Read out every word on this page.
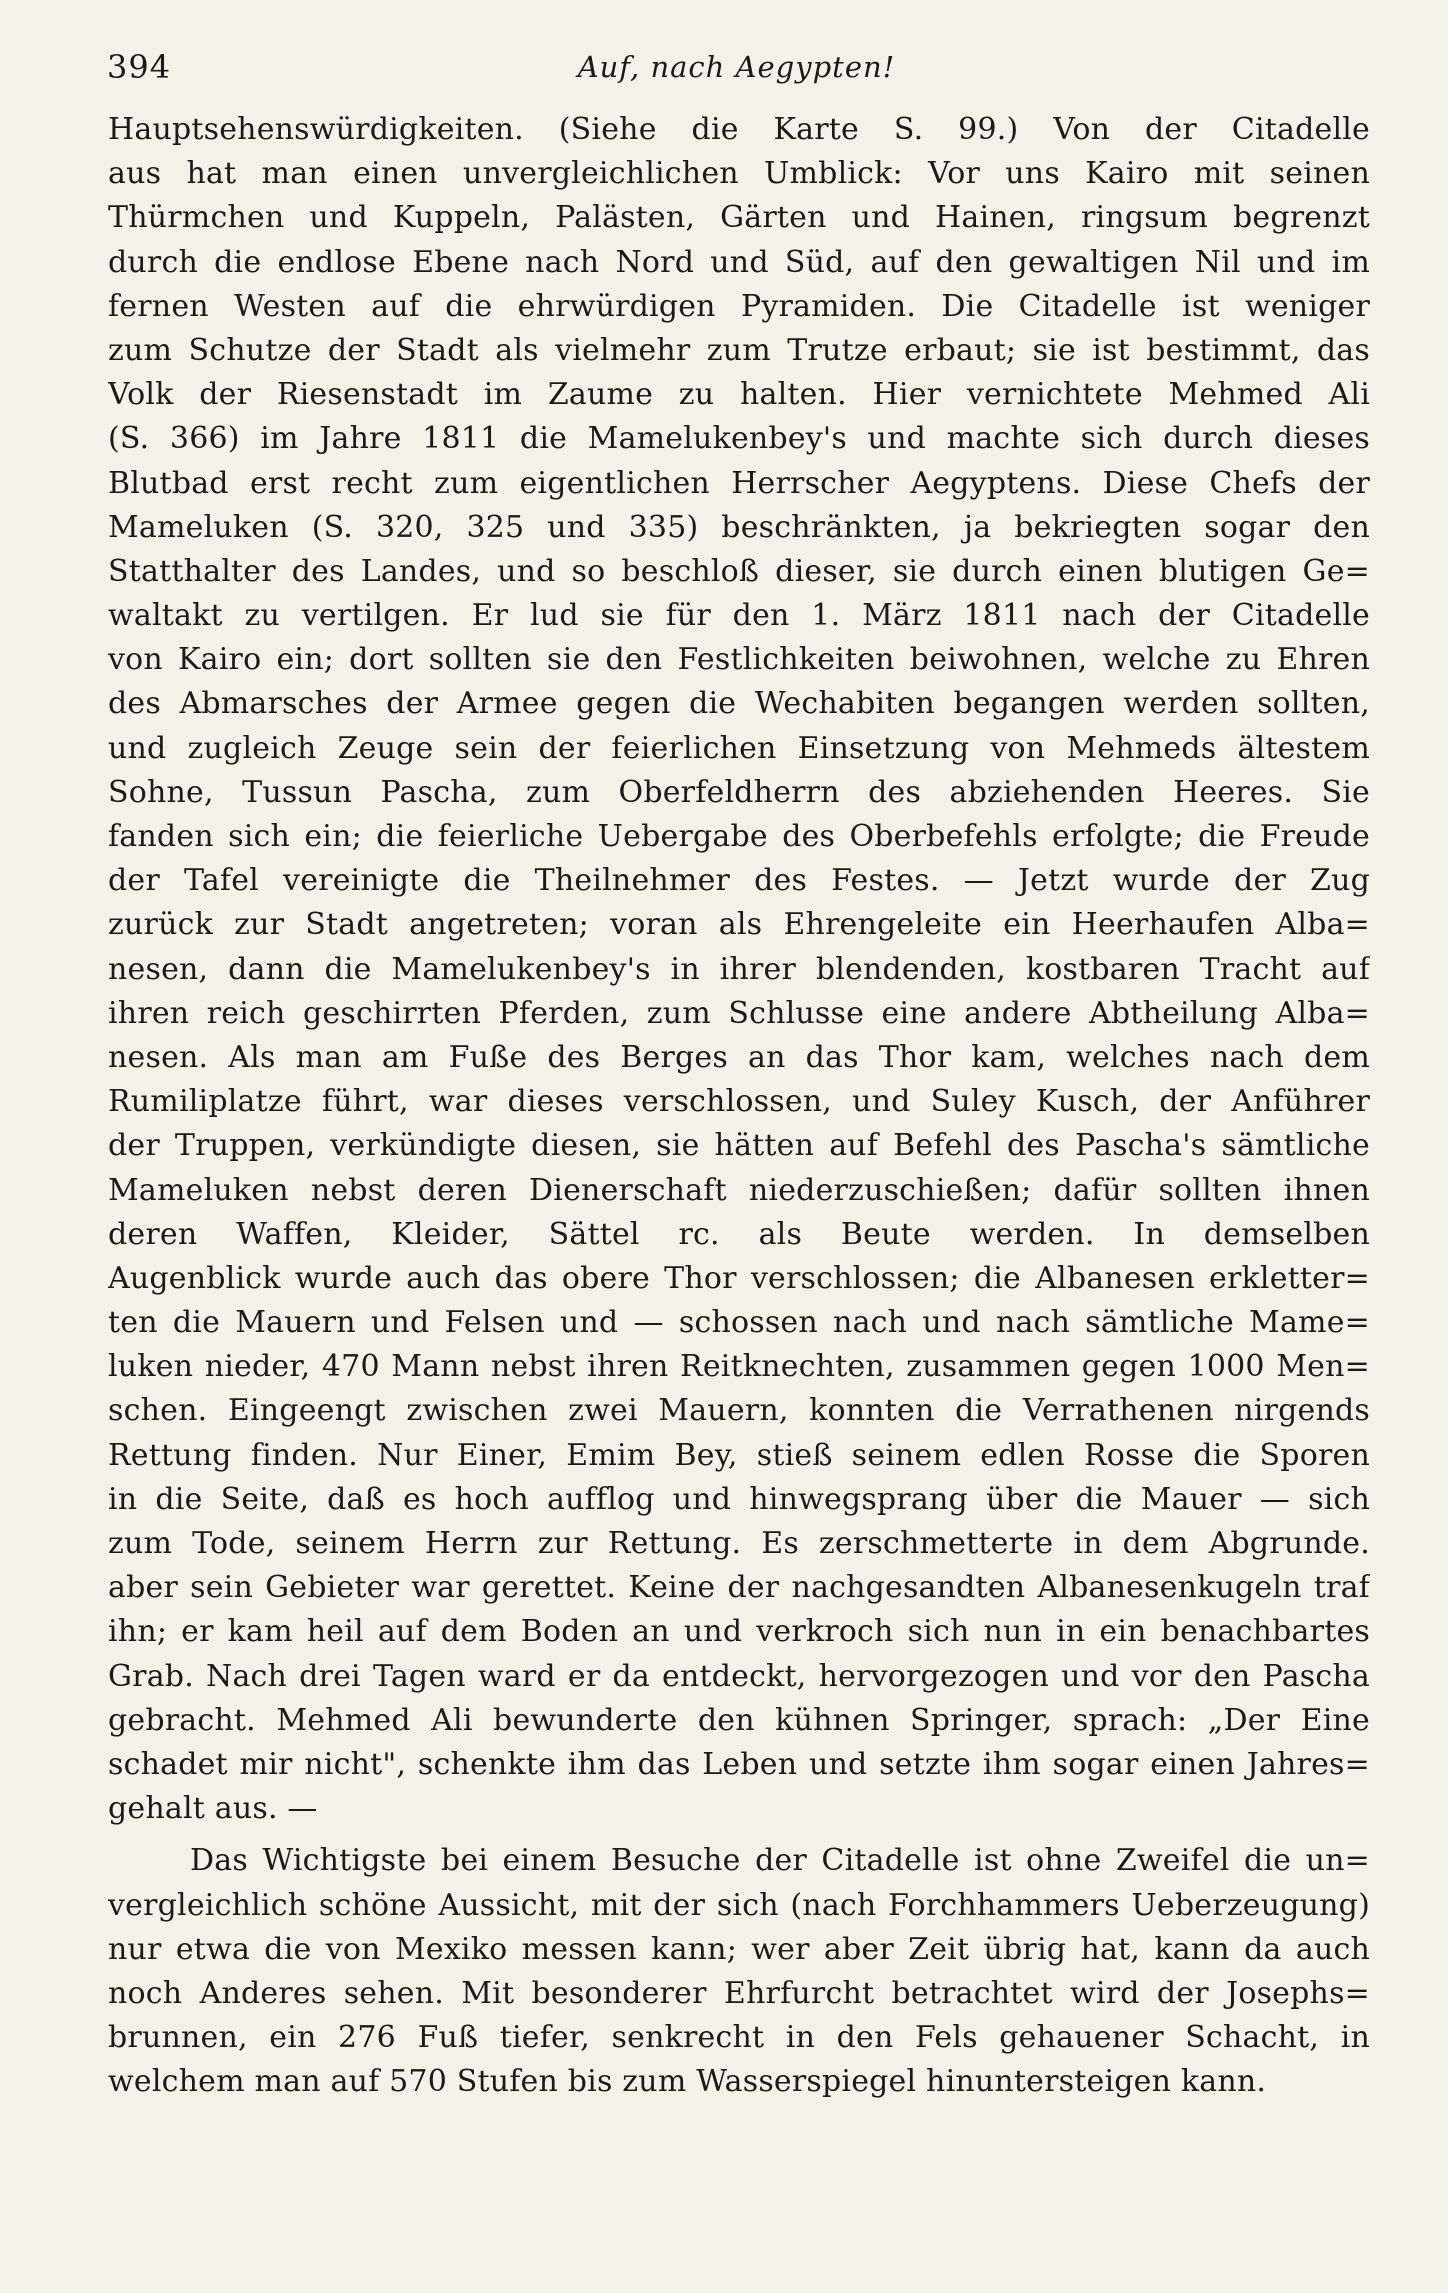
394	Auf, nach Aegypten!
Hauptsehenswürdigkeiten. (Siehe die Karte S. 99.) Von der Citadelle
aus hat man einen unvergleichlichen Umblick: Vor uns Kairo mit seinen
Thürmchen und Kuppeln, Palästen, Gärten und Hainen, ringsum begrenzt
durch die endlose Ebene nach Nord und Süd, auf den gewaltigen Nil und im
fernen Westen auf die ehrwürdigen Pyramiden. Die Citadelle ist weniger
zum Schutze der Stadt als vielmehr zum Trutze erbaut; sie ist bestimmt, das
Volk der Riesenstadt im Zaume zu halten. Hier vernichtete Mehmed Ali
(S. 366) im Jahre 1811 die Mamelukenbey's und machte sich durch dieses
Blutbad erst recht zum eigentlichen Herrscher Aegyptens. Diese Chefs der
Mameluken (S. 320, 325 und 335) beschränkten, ja bekriegten sogar den
Statthalter des Landes, und so beschloß dieser, sie durch einen blutigen Ge=
waltakt zu vertilgen. Er lud sie für den 1. März 1811 nach der Citadelle
von Kairo ein; dort sollten sie den Festlichkeiten beiwohnen, welche zu Ehren
des Abmarsches der Armee gegen die Wechabiten begangen werden sollten,
und zugleich Zeuge sein der feierlichen Einsetzung von Mehmeds ältestem
Sohne, Tussun Pascha, zum Oberfeldherrn des abziehenden Heeres. Sie
fanden sich ein; die feierliche Uebergabe des Oberbefehls erfolgte; die Freude
der Tafel vereinigte die Theilnehmer des Festes. — Jetzt wurde der Zug
zurück zur Stadt angetreten; voran als Ehrengeleite ein Heerhaufen Alba=
nesen, dann die Mamelukenbey's in ihrer blendenden, kostbaren Tracht auf
ihren reich geschirrten Pferden, zum Schlusse eine andere Abtheilung Alba=
nesen. Als man am Fuße des Berges an das Thor kam, welches nach dem
Rumiliplatze führt, war dieses verschlossen, und Suley Kusch, der Anführer
der Truppen, verkündigte diesen, sie hätten auf Befehl des Pascha's sämtliche
Mameluken nebst deren Dienerschaft niederzuschießen; dafür sollten ihnen
deren Waffen, Kleider, Sättel rc. als Beute werden. In demselben
Augenblick wurde auch das obere Thor verschlossen; die Albanesen erkletter=
ten die Mauern und Felsen und — schossen nach und nach sämtliche Mame=
luken nieder, 470 Mann nebst ihren Reitknechten, zusammen gegen 1000 Men=
schen. Eingeengt zwischen zwei Mauern, konnten die Verrathenen nirgends
Rettung finden. Nur Einer, Emim Bey, stieß seinem edlen Rosse die Sporen
in die Seite, daß es hoch aufflog und hinwegsprang über die Mauer — sich
zum Tode, seinem Herrn zur Rettung. Es zerschmetterte in dem Abgrunde.
aber sein Gebieter war gerettet. Keine der nachgesandten Albanesenkugeln traf
ihn; er kam heil auf dem Boden an und verkroch sich nun in ein benachbartes
Grab. Nach drei Tagen ward er da entdeckt, hervorgezogen und vor den Pascha
gebracht. Mehmed Ali bewunderte den kühnen Springer, sprach: „Der Eine
schadet mir nicht", schenkte ihm das Leben und setzte ihm sogar einen Jahres=
gehalt aus. —
Das Wichtigste bei einem Besuche der Citadelle ist ohne Zweifel die un=
vergleichlich schöne Aussicht, mit der sich (nach Forchhammers Ueberzeugung)
nur etwa die von Mexiko messen kann; wer aber Zeit übrig hat, kann da auch
noch Anderes sehen. Mit besonderer Ehrfurcht betrachtet wird der Josephs=
brunnen, ein 276 Fuß tiefer, senkrecht in den Fels gehauener Schacht, in
welchem man auf 570 Stufen bis zum Wasserspiegel hinuntersteigen kann.
